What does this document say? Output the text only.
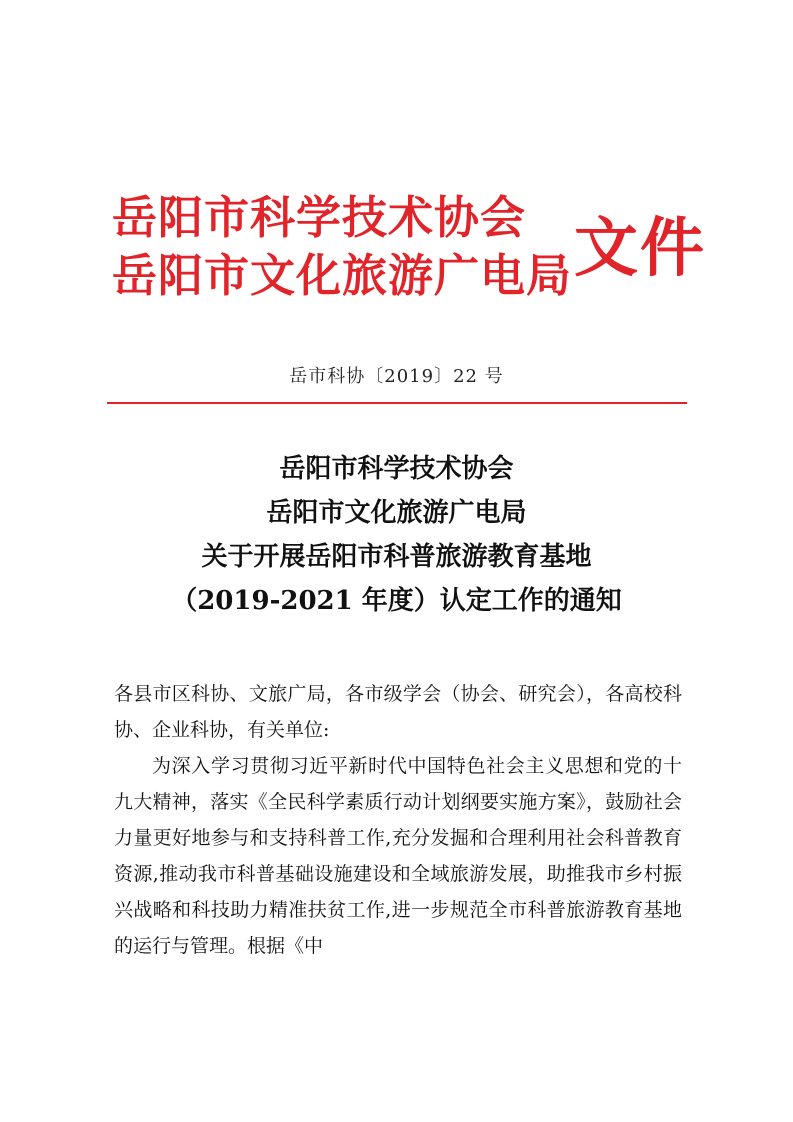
岳阳市科学技术协会
岳阳市文化旅游广电局 文件
岳市科协〔2019〕22 号
岳阳市科学技术协会
岳阳市文化旅游广电局
关于开展岳阳市科普旅游教育基地
（2019-2021 年度）认定工作的通知

各县市区科协、文旅广局，各市级学会（协会、研究会），各高校科协、企业科协，有关单位:

为深入学习贯彻习近平新时代中国特色社会主义思想和党的十九大精神，落实《全民科学素质行动计划纲要实施方案》，鼓励社会力量更好地参与和支持科普工作,充分发掘和合理利用社会科普教育资源,推动我市科普基础设施建设和全域旅游发展，助推我市乡村振兴战略和科技助力精准扶贫工作,进一步规范全市科普旅游教育基地的运行与管理。根据《中
